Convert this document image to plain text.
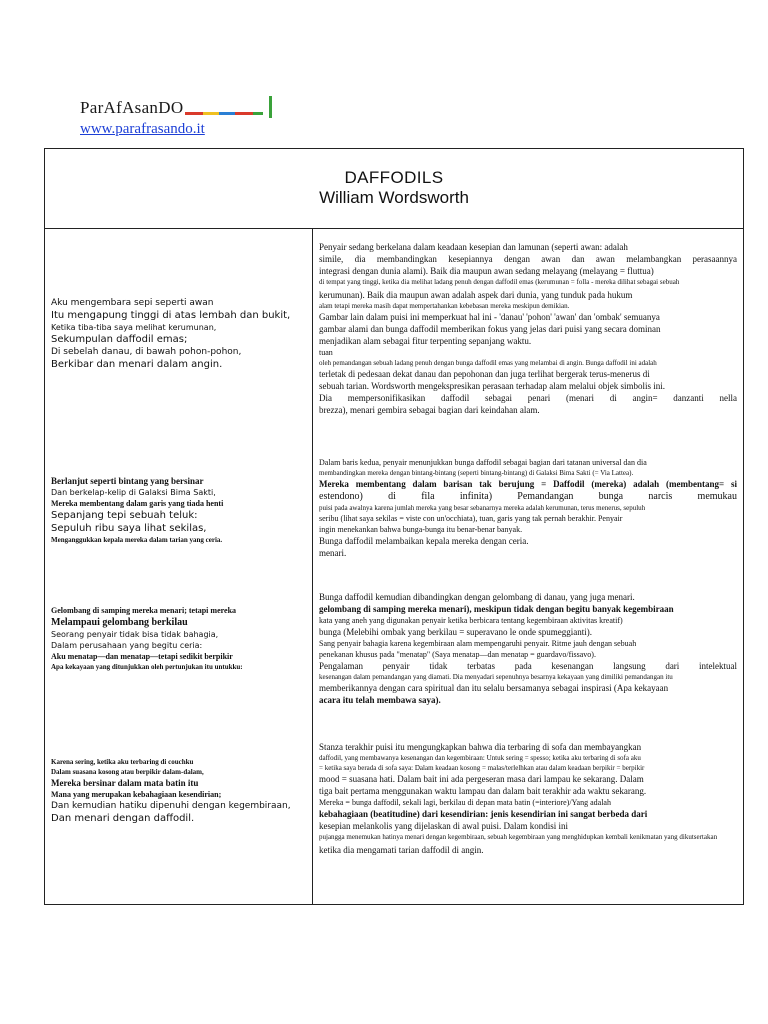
ParAfAsanDO
www.parafrasando.it
DAFFODILS
William Wordsworth
Aku mengembara sepi seperti awan
Itu mengapung tinggi di atas lembah dan bukit,
Ketika tiba-tiba saya melihat kerumunan,
Sekumpulan daffodil emas;
Di sebelah danau, di bawah pohon-pohon,
Berkibar dan menari dalam angin.
Berlanjut seperti bintang yang bersinar
Dan berkelap-kelip di Galaksi Bima Sakti,
Mereka membentang dalam garis yang tiada henti
Sepanjang tepi sebuah teluk:
Sepuluh ribu saya lihat sekilas,
Menganggukkan kepala mereka dalam tarian yang ceria.
Gelombang di samping mereka menari; tetapi mereka
Melampaui gelombang berkilau
Seorang penyair tidak bisa tidak bahagia,
Dalam perusahaan yang begitu ceria:
Aku menatap—dan menatap—tetapi sedikit berpikir
Apa kekayaan yang ditunjukkan oleh pertunjukan itu untukku:
Karena sering, ketika aku terbaring di couchku
Dalam suasana kosong atau berpikir dalam-dalam,
Mereka bersinar dalam mata batin itu
Mana yang merupakan kebahagiaan kesendirian;
Dan kemudian hatiku dipenuhi dengan kegembiraan,
Dan menari dengan daffodil.
Penyair sedang berkelana dalam keadaan kesepian dan lamunan (seperti awan: adalah
simile, dia membandingkan kesepiannya dengan awan dan awan melambangkan perasaannya
integrasi dengan dunia alami). Baik dia maupun awan sedang melayang (melayang = fluttua)
di tempat yang tinggi, ketika dia melihat ladang penuh dengan daffodil emas (kerumunan = folla - mereka dilihat sebagai sebuah
kerumunan). Baik dia maupun awan adalah aspek dari dunia, yang tunduk pada hukum
alam tetapi mereka masih dapat mempertahankan kebebasan mereka meskipun demikian.
Gambar lain dalam puisi ini memperkuat hal ini - 'danau' 'pohon' 'awan' dan 'ombak' semuanya
gambar alami dan bunga daffodil memberikan fokus yang jelas dari puisi yang secara dominan
menjadikan alam sebagai fitur terpenting sepanjang waktu.
tuan
oleh pemandangan sebuah ladang penuh dengan bunga daffodil emas yang melambai di angin. Bunga daffodil ini adalah
terletak di pedesaan dekat danau dan pepohonan dan juga terlihat bergerak terus-menerus di
sebuah tarian. Wordsworth mengekspresikan perasaan terhadap alam melalui objek simbolis ini.
Dia mempersonifikasikan daffodil sebagai penari (menari di angin= danzanti nella
brezza), menari gembira sebagai bagian dari keindahan alam.
Dalam baris kedua, penyair menunjukkan bunga daffodil sebagai bagian dari tatanan universal dan dia
membandingkan mereka dengan bintang-bintang (seperti bintang-bintang) di Galaksi Bima Sakti (= Via Lattea).
Mereka membentang dalam barisan tak berujung = Daffodil (mereka) adalah (membentang= si
estendono) di fila infinita) Pemandangan bunga narcis memukau
puisi pada awalnya karena jumlah mereka yang besar sebanarnya mereka adalah kerumunan, terus menerus, sepuluh
seribu (lihat saya sekilas = viste con un'occhiata), tuan, garis yang tak pernah berakhir. Penyair
ingin menekankan bahwa bunga-bunga itu benar-benar banyak.
Bunga daffodil melambaikan kepala mereka dengan ceria.
menari.
Bunga daffodil kemudian dibandingkan dengan gelombang di danau, yang juga menari.
gelombang di samping mereka menari), meskipun tidak dengan begitu banyak kegembiraan
kata yang aneh yang digunakan penyair ketika berbicara tentang kegembiraan aktivitas kreatif)
bunga (Melebihi ombak yang berkilau = superavano le onde spumeggianti).
Sang penyair bahagia karena kegembiraan alam mempengaruhi penyair. Ritme jauh dengan sebuah
penekanan khusus pada "menatap" (Saya menatap—dan menatap = guardavo/fissavo).
Pengalaman penyair tidak terbatas pada kesenangan langsung dari intelektual
kesenangan dalam pemandangan yang diamati. Dia menyadari sepenuhnya besarnya kekayaan yang dimiliki pemandangan itu
memberikannya dengan cara spiritual dan itu selalu bersamanya sebagai inspirasi (Apa kekayaan
acara itu telah membawa saya).
Stanza terakhir puisi itu mengungkapkan bahwa dia terbaring di sofa dan membayangkan
daffodil, yang membawanya kesenangan dan kegembiraan: Untuk sering = spesso; ketika aku terbaring di sofa aku
= ketika saya berada di sofa saya: Dalam keadaan kosong = malas/terlelhkan atau dalam keadaan berpikir = berpikir
mood = suasana hati. Dalam bait ini ada pergeseran masa dari lampau ke sekarang. Dalam
tiga bait pertama menggunakan waktu lampau dan dalam bait terakhir ada waktu sekarang.
Mereka = bunga daffodil, sekali lagi, berkilau di depan mata batin (=interiore)/Yang adalah
kebahagiaan (beatitudine) dari kesendirian: jenis kesendirian ini sangat berbeda dari
kesepian melankolis yang dijelaskan di awal puisi. Dalam kondisi ini
pujangga menemukan hatinya menari dengan kegembiraan, sebuah kegembiraan yang menghidupkan kembali kenikmatan yang dikutsertakan
ketika dia mengamati tarian daffodil di angin.
